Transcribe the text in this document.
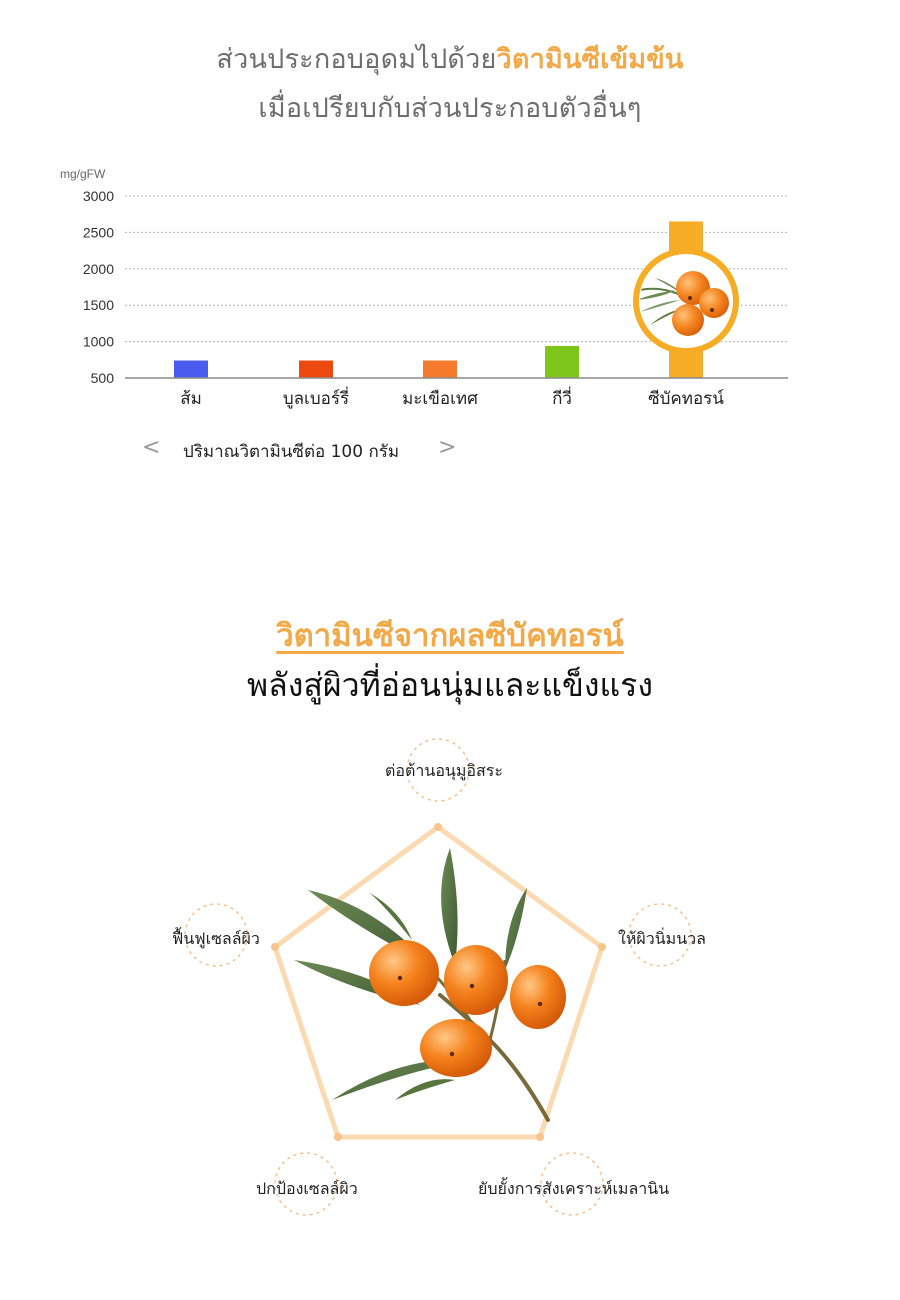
ส่วนประกอบอุดมไปด้วยวิตามินซีเข้มข้น
เมื่อเปรียบกับส่วนประกอบตัวอื่นๆ
mg/gFW
500
1000
1500
2000
2500
3000
ส้ม	บูลเบอร์รี่	มะเขือเทศ	กีวี่	ซีบัคทอรน์
< ปริมาณวิตามินซีต่อ 100 กรัม >
วิตามินซีจากผลซีบัคทอรน์
พลังสู่ผิวที่อ่อนนุ่มและแข็งแรง
ต่อต้านอนุมูอิสระ
ให้ผิวนิ่มนวล
ยับยั้งการสังเคราะห์เมลานิน
ปกป้องเซลล์ผิว
ฟื้นฟูเซลล์ผิว
